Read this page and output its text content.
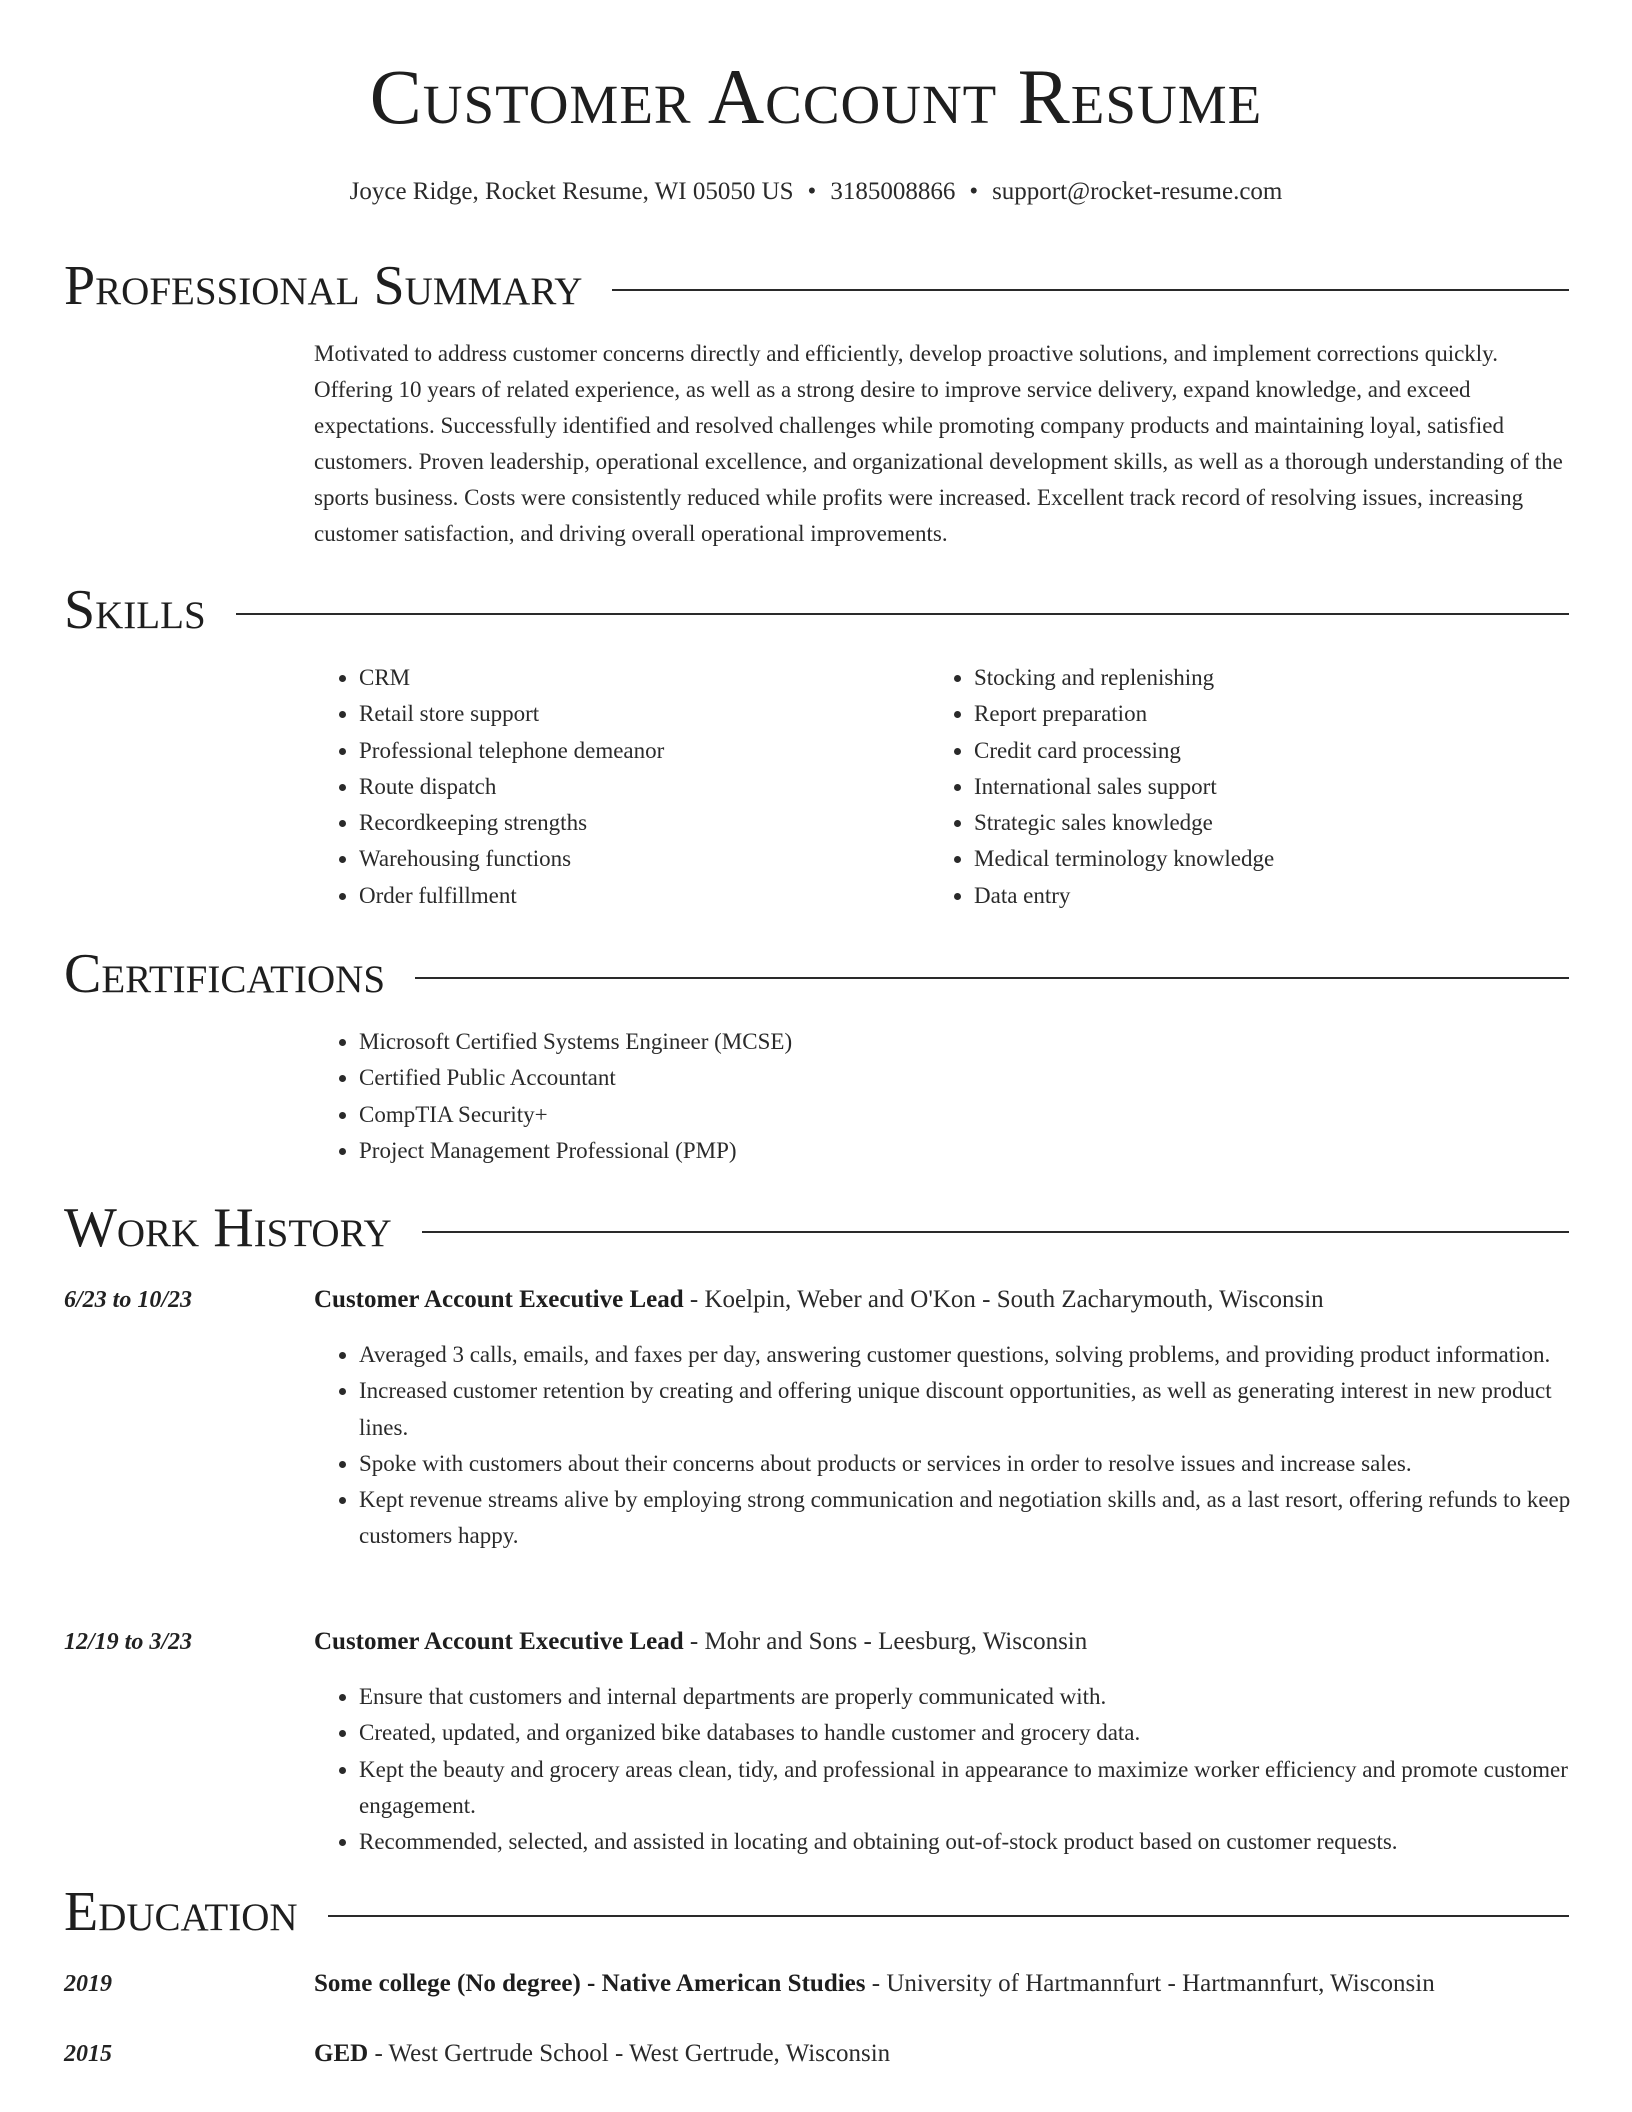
Customer Account Resume
Joyce Ridge, Rocket Resume, WI 05050 US • 3185008866 • support@rocket-resume.com
Professional Summary
Motivated to address customer concerns directly and efficiently, develop proactive solutions, and implement corrections quickly. Offering 10 years of related experience, as well as a strong desire to improve service delivery, expand knowledge, and exceed expectations. Successfully identified and resolved challenges while promoting company products and maintaining loyal, satisfied customers. Proven leadership, operational excellence, and organizational development skills, as well as a thorough understanding of the sports business. Costs were consistently reduced while profits were increased. Excellent track record of resolving issues, increasing customer satisfaction, and driving overall operational improvements.
Skills
• CRM
• Retail store support
• Professional telephone demeanor
• Route dispatch
• Recordkeeping strengths
• Warehousing functions
• Order fulfillment
• Stocking and replenishing
• Report preparation
• Credit card processing
• International sales support
• Strategic sales knowledge
• Medical terminology knowledge
• Data entry
Certifications
• Microsoft Certified Systems Engineer (MCSE)
• Certified Public Accountant
• CompTIA Security+
• Project Management Professional (PMP)
Work History
6/23 to 10/23	Customer Account Executive Lead - Koelpin, Weber and O'Kon - South Zacharymouth, Wisconsin
• Averaged 3 calls, emails, and faxes per day, answering customer questions, solving problems, and providing product information.
• Increased customer retention by creating and offering unique discount opportunities, as well as generating interest in new product lines.
• Spoke with customers about their concerns about products or services in order to resolve issues and increase sales.
• Kept revenue streams alive by employing strong communication and negotiation skills and, as a last resort, offering refunds to keep customers happy.
12/19 to 3/23	Customer Account Executive Lead - Mohr and Sons - Leesburg, Wisconsin
• Ensure that customers and internal departments are properly communicated with.
• Created, updated, and organized bike databases to handle customer and grocery data.
• Kept the beauty and grocery areas clean, tidy, and professional in appearance to maximize worker efficiency and promote customer engagement.
• Recommended, selected, and assisted in locating and obtaining out-of-stock product based on customer requests.
Education
2019	Some college (No degree) - Native American Studies - University of Hartmannfurt - Hartmannfurt, Wisconsin
2015	GED - West Gertrude School - West Gertrude, Wisconsin
